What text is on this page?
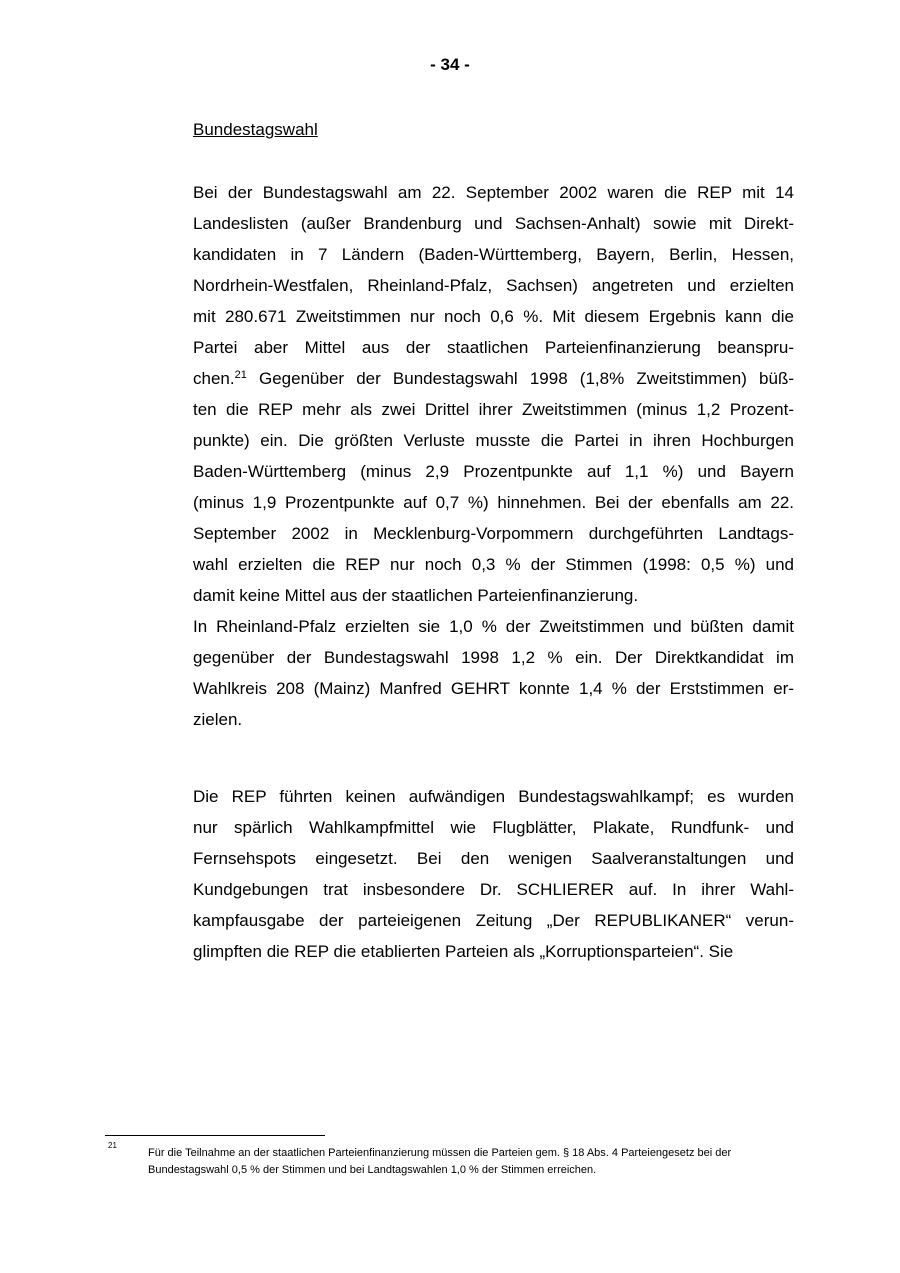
- 34 -
Bundestagswahl
Bei der Bundestagswahl am 22. September 2002 waren die REP mit 14
Landeslisten (außer Brandenburg und Sachsen-Anhalt) sowie mit Direkt-
kandidaten in 7 Ländern (Baden-Württemberg, Bayern, Berlin, Hessen,
Nordrhein-Westfalen, Rheinland-Pfalz, Sachsen) angetreten und erzielten
mit 280.671 Zweitstimmen nur noch 0,6 %. Mit diesem Ergebnis kann die
Partei aber Mittel aus der staatlichen Parteienfinanzierung beanspru-
chen.$^{21}$ Gegenüber der Bundestagswahl 1998 (1,8% Zweitstimmen) büß-
ten die REP mehr als zwei Drittel ihrer Zweitstimmen (minus 1,2 Prozent-
punkte) ein. Die größten Verluste musste die Partei in ihren Hochburgen
Baden-Württemberg (minus 2,9 Prozentpunkte auf 1,1 %) und Bayern
(minus 1,9 Prozentpunkte auf 0,7 %) hinnehmen. Bei der ebenfalls am 22.
September 2002 in Mecklenburg-Vorpommern durchgeführten Landtags-
wahl erzielten die REP nur noch 0,3 % der Stimmen (1998: 0,5 %) und
damit keine Mittel aus der staatlichen Parteienfinanzierung.
In Rheinland-Pfalz erzielten sie 1,0 % der Zweitstimmen und büßten damit
gegenüber der Bundestagswahl 1998 1,2 % ein. Der Direktkandidat im
Wahlkreis 208 (Mainz) Manfred GEHRT konnte 1,4 % der Erststimmen er-
zielen.
Die REP führten keinen aufwändigen Bundestagswahlkampf; es wurden
nur spärlich Wahlkampfmittel wie Flugblätter, Plakate, Rundfunk- und
Fernsehspots eingesetzt. Bei den wenigen Saalveranstaltungen und
Kundgebungen trat insbesondere Dr. SCHLIERER auf. In ihrer Wahl-
kampfausgabe der parteieigenen Zeitung „Der REPUBLIKANER“ verun-
glimpften die REP die etablierten Parteien als „Korruptionsparteien“. Sie
21
Für die Teilnahme an der staatlichen Parteienfinanzierung müssen die Parteien gem. § 18 Abs. 4 Parteiengesetz bei der
Bundestagswahl 0,5 % der Stimmen und bei Landtagswahlen 1,0 % der Stimmen erreichen.
